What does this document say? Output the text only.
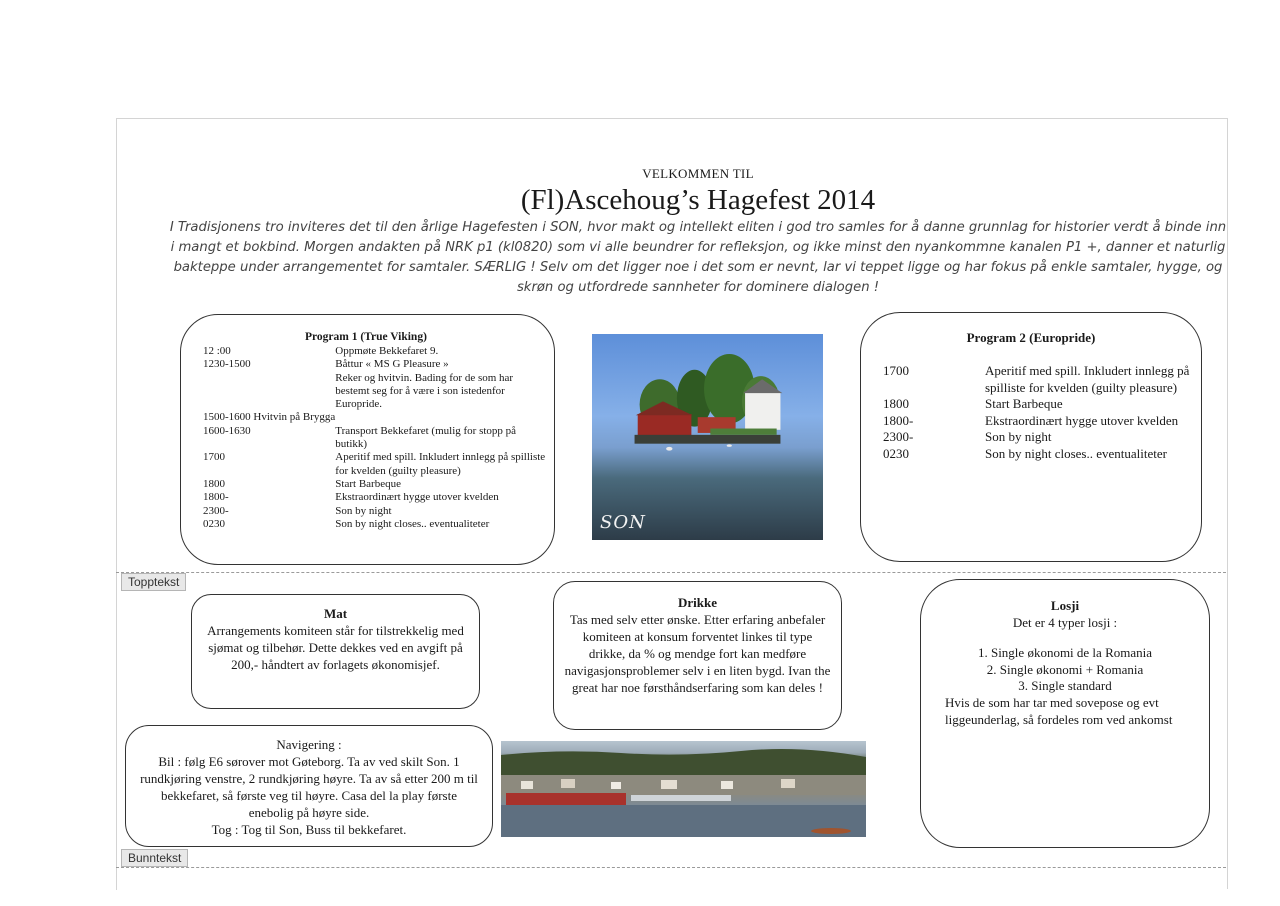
VELKOMMEN TIL
(Fl)Ascehoug’s Hagefest 2014
I Tradisjonens tro inviteres det til den årlige Hagefesten i SON, hvor makt og intellekt eliten i god tro samles for å danne grunnlag for historier verdt å binde inn i mangt et bokbind. Morgen andakten på NRK p1 (kl0820) som vi alle beundrer for refleksjon, og ikke minst den nyankommne kanalen P1 +, danner et naturlig bakteppe under arrangementet for samtaler. SÆRLIG ! Selv om det ligger noe i det som er nevnt, lar vi teppet ligge og har fokus på enkle samtaler, hygge, og skrøn og utfordrede sannheter for dominere dialogen !
Program 1 (True Viking)
12 :00	Oppmøte Bekkefaret 9.
1230-1500	Båttur « MS G Pleasure »
	Reker og hvitvin. Bading for de som har bestemt seg for å være i son istedenfor Europride.
1500-1600 Hvitvin på Brygga	
1600-1630	Transport Bekkefaret (mulig for stopp på butikk)
1700	Aperitif med spill. Inkludert innlegg på spilliste for kvelden (guilty pleasure)
1800	Start Barbeque
1800-	Ekstraordinært hygge utover kvelden
2300-	Son by night
0230	Son by night closes.. eventualiteter	SON
Program 2 (Europride)
1700	Aperitif med spill. Inkludert innlegg på spilliste for kvelden (guilty pleasure)
1800	Start Barbeque
1800-	Ekstraordinært hygge utover kvelden
2300-	Son by night
0230	Son by night closes.. eventualiteter
Topptekst
Mat
Arrangements komiteen står for tilstrekkelig med sjømat og tilbehør. Dette dekkes ved en avgift på 200,- håndtert av forlagets økonomisjef.
Drikke
Tas med selv etter ønske. Etter erfaring anbefaler komiteen at konsum forventet linkes til type drikke, da % og mendge fort kan medføre navigasjonsproblemer selv i en liten bygd. Ivan the great har noe førsthåndserfaring som kan deles !
Losji
Det er 4 typer losji :
1. Single økonomi de la Romania
2. Single økonomi + Romania
3. Single standard
Hvis de som har tar med sovepose og evt liggeunderlag, så fordeles rom ved ankomst
Navigering :
Bil : følg E6 sørover mot Gøteborg. Ta av ved skilt Son. 1 rundkjøring venstre, 2 rundkjøring høyre. Ta av så etter 200 m til bekkefaret, så første veg til høyre. Casa del la play første enebolig på høyre side.
Tog : Tog til Son, Buss til bekkefaret.
Bunntekst
